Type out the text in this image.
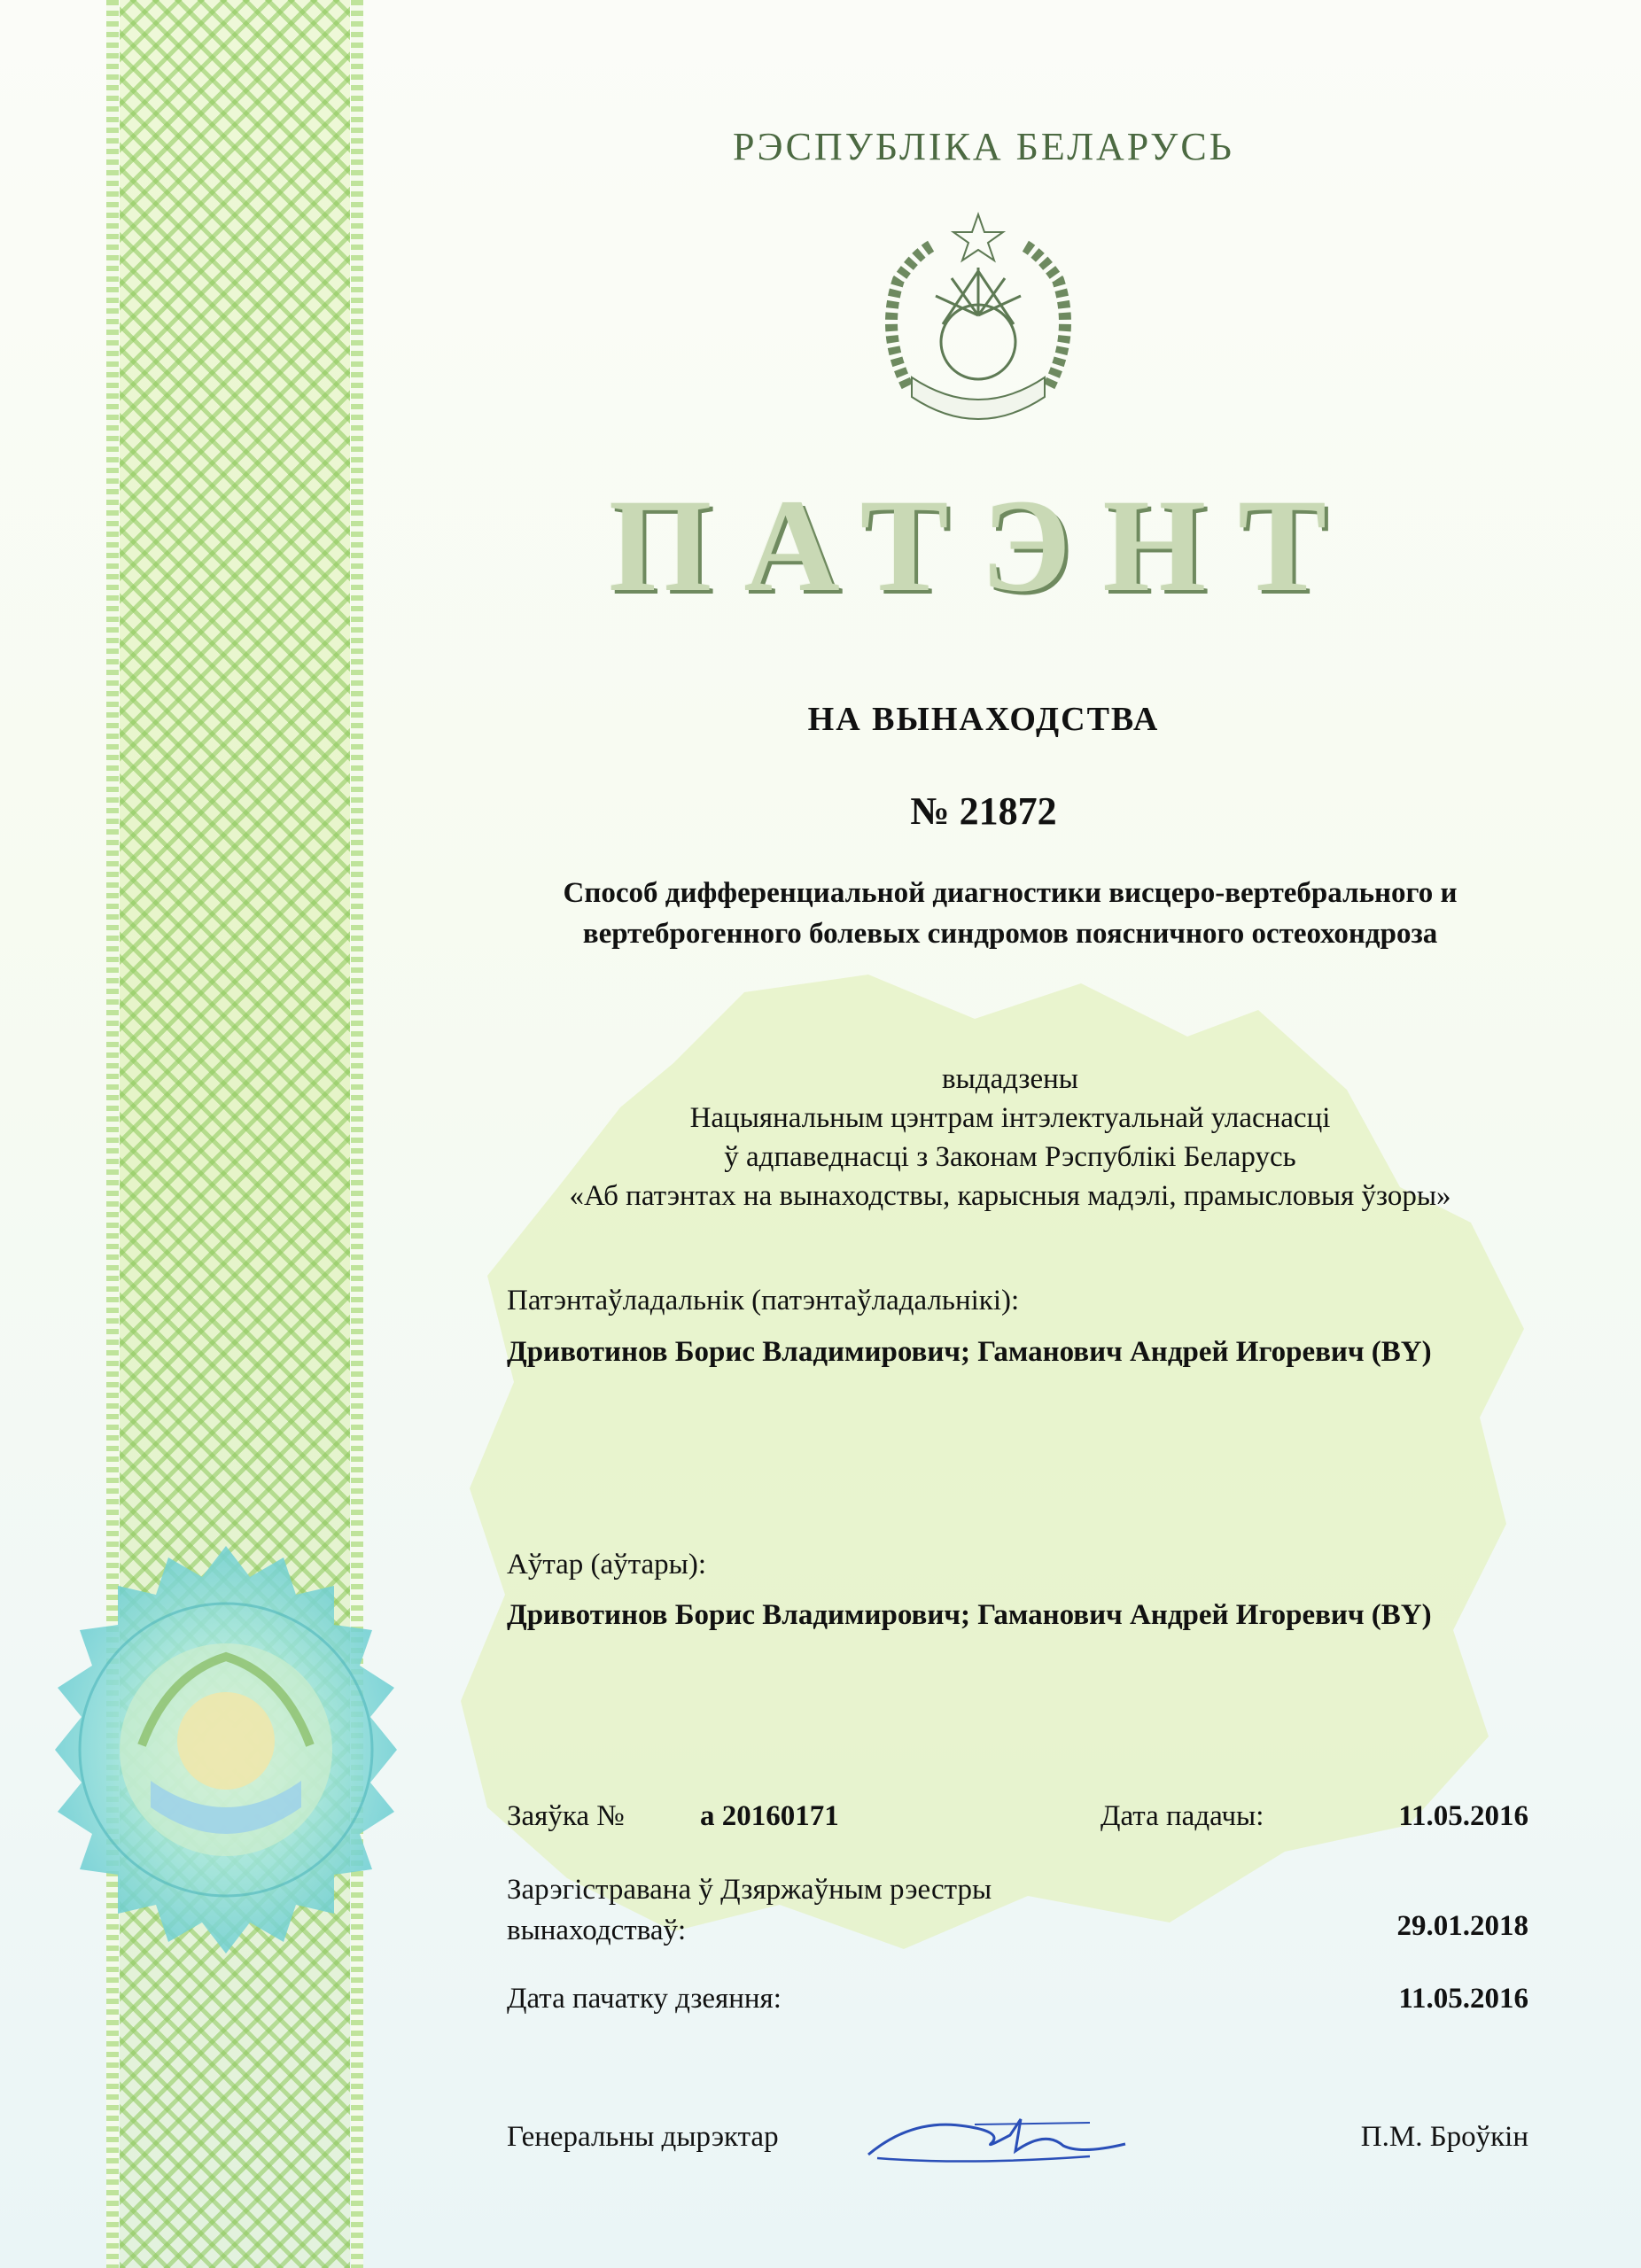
РЭСПУБЛІКА БЕЛАРУСЬ
ПАТЭНТ
НА ВЫНАХОДСТВА
№ 21872
Способ дифференциальной диагностики висцеро-вертебрального и
вертеброгенного болевых синдромов поясничного остеохондроза
выдадзены
Нацыянальным цэнтрам інтэлектуальнай уласнасці
ў адпаведнасці з Законам Рэспублікі Беларусь
«Аб патэнтах на вынаходствы, карысныя мадэлі, прамысловыя ўзоры»
Патэнтаўладальнік (патэнтаўладальнікі):
Дривотинов Борис Владимирович; Гаманович Андрей Игоревич (BY)
Аўтар (аўтары):
Дривотинов Борис Владимирович; Гаманович Андрей Игоревич (BY)
Заяўка №	а 20160171	Дата падачы:	11.05.2016
Зарэгістравана ў Дзяржаўным рэестры
вынаходстваў:	29.01.2018
Дата пачатку дзеяння:	11.05.2016
Генеральны дырэктар	П.М. Броўкін
